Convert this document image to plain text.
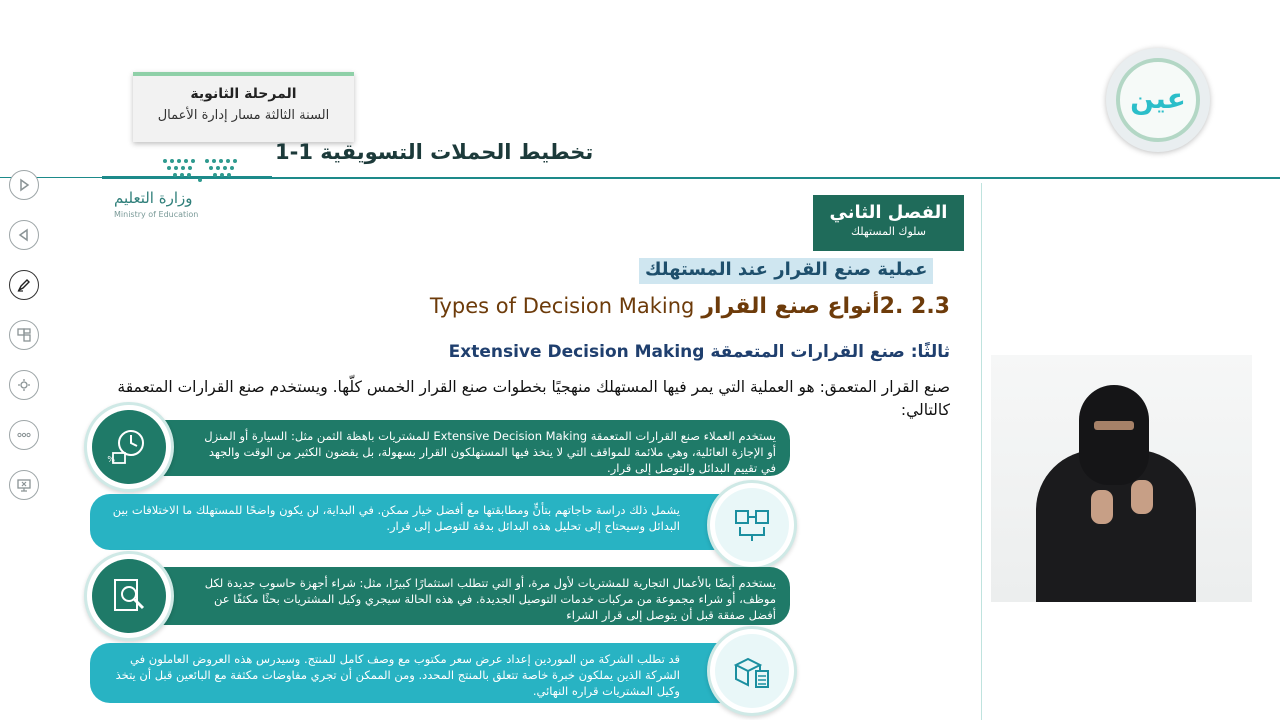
المرحلة الثانوية
السنة الثالثة مسار إدارة الأعمال
تخطيط الحملات التسويقية 1-1
وزارة التعليم
Ministry of Education
عين
الفصل الثاني
سلوك المستهلك
عملية صنع القرار عند المستهلك
2.3 .2أنواع صنع القرار Types of Decision Making
ثالثًا: صنع القرارات المتعمقة Extensive Decision Making
صنع القرار المتعمق: هو العملية التي يمر فيها المستهلك منهجيًا بخطوات صنع القرار الخمس كلّها. ويستخدم صنع القرارات المتعمقة كالتالي:
يستخدم العملاء صنع القرارات المتعمقة Extensive Decision Making للمشتريات باهظة الثمن مثل: السيارة أو المنزل أو الإجازة العائلية، وهي ملائمة للمواقف التي لا يتخذ فيها المستهلكون القرار بسهولة، بل يقضون الكثير من الوقت والجهد في تقييم البدائل والتوصل إلى قرار.
%
يشمل ذلك دراسة حاجاتهم بتأنٍّ ومطابقتها مع أفضل خيار ممكن. في البداية، لن يكون واضحًا للمستهلك ما الاختلافات بين البدائل وسيحتاج إلى تحليل هذه البدائل بدقة للتوصل إلى قرار.
يستخدم أيضًا بالأعمال التجارية للمشتريات لأول مرة، أو التي تتطلب استثمارًا كبيرًا، مثل: شراء أجهزة حاسوب جديدة لكل موظف، أو شراء مجموعة من مركبات خدمات التوصيل الجديدة. في هذه الحالة سيجري وكيل المشتريات بحثًا مكثفًا عن أفضل صفقة قبل أن يتوصل إلى قرار الشراء
قد تطلب الشركة من الموردين إعداد عرض سعر مكتوب مع وصف كامل للمنتج. وسيدرس هذه العروض العاملون في الشركة الذين يملكون خبرة خاصة تتعلق بالمنتج المحدد. ومن الممكن أن تجري مفاوضات مكثفة مع البائعين قبل أن يتخذ وكيل المشتريات قراره النهائي.
